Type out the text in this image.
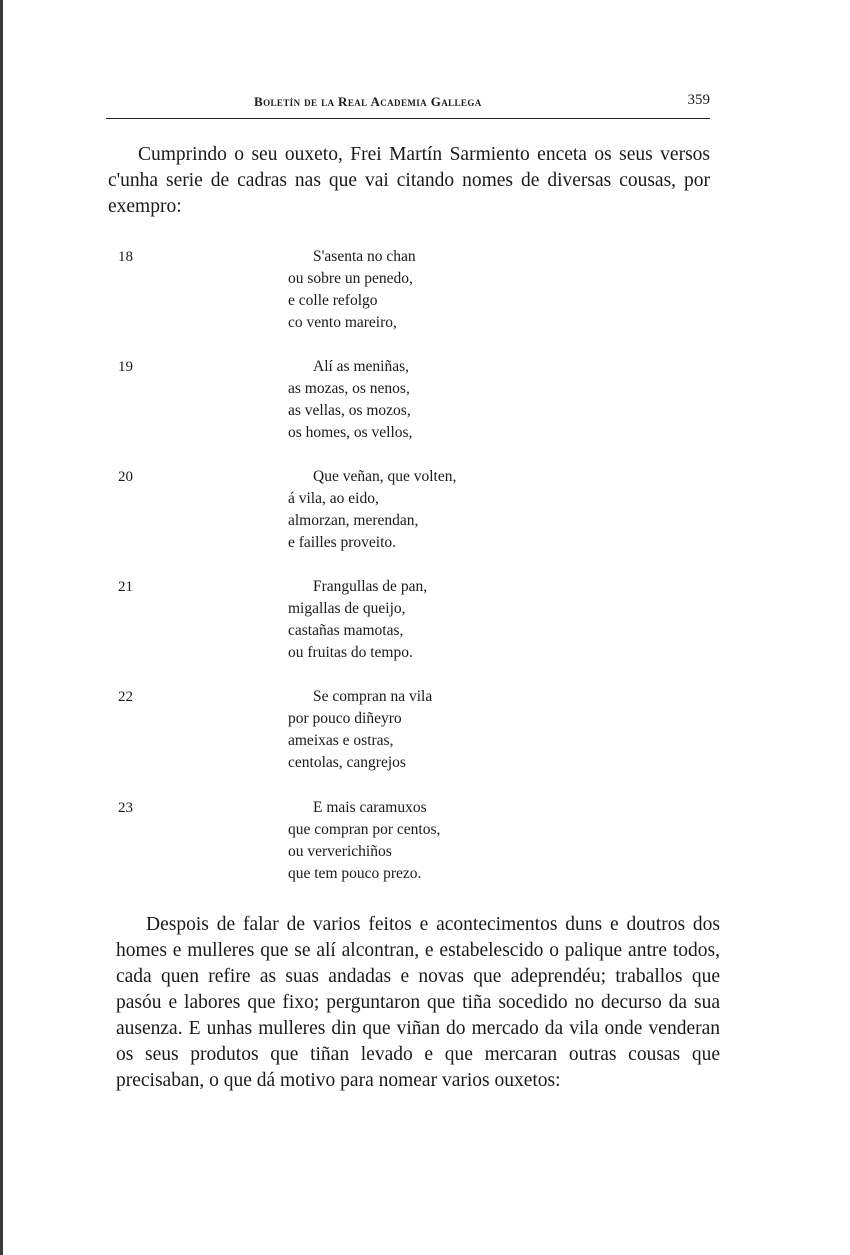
Boletín de la Real Academia Gallega	359

Cumprindo o seu ouxeto, Frei Martín Sarmiento enceta os seus versos c'unha serie de cadras nas que vai citando nomes de diversas cousas, por exempro:

18	S'asenta no chan
ou sobre un penedo,
e colle refolgo
co vento mareiro,
19	Alí as meniñas,
as mozas, os nenos,
as vellas, os mozos,
os homes, os vellos,
20	Que veñan, que volten,
á vila, ao eido,
almorzan, merendan,
e failles proveito.
21	Frangullas de pan,
migallas de queijo,
castañas mamotas,
ou fruitas do tempo.
22	Se compran na vila
por pouco diñeyro
ameixas e ostras,
centolas, cangrejos
23	E mais caramuxos
que compran por centos,
ou ververichiños
que tem pouco prezo.

Despois de falar de varios feitos e acontecimentos duns e doutros dos homes e mulleres que se alí alcontran, e estabelescido o palique antre todos, cada quen refire as suas andadas e novas que adeprendéu; traballos que pasóu e labores que fixo; perguntaron que tiña socedido no decurso da sua ausenza. E unhas mulleres din que viñan do mercado da vila onde venderan os seus produtos que tiñan levado e que mercaran outras cousas que precisaban, o que dá motivo para nomear varios ouxetos:
